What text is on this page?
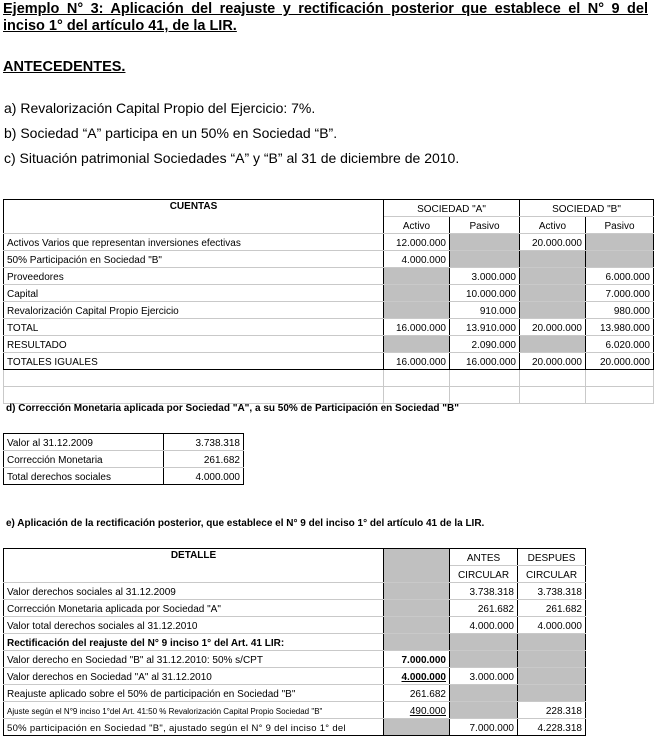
Ejemplo N° 3: Aplicación del reajuste y rectificación posterior que establece el N° 9 del
inciso 1° del artículo 41, de la LIR.
ANTECEDENTES.
a) Revalorización Capital Propio del Ejercicio: 7%.
b) Sociedad “A” participa en un 50% en Sociedad “B”.
c) Situación patrimonial Sociedades “A” y “B” al 31 de diciembre de 2010.
CUENTAS	SOCIEDAD "A"		SOCIEDAD "B"	
	Activo	Pasivo	Activo	Pasivo
Activos Varios que representan inversiones efectivas	12.000.000		20.000.000	
50% Participación en Sociedad "B"	4.000.000			
Proveedores		3.000.000		6.000.000
Capital		10.000.000		7.000.000
Revalorización Capital Propio Ejercicio		910.000		980.000
TOTAL	16.000.000	13.910.000	20.000.000	13.980.000
RESULTADO		2.090.000		6.020.000
TOTALES IGUALES	16.000.000	16.000.000	20.000.000	20.000.000

d) Corrección Monetaria aplicada por Sociedad "A", a su 50% de Participación en Sociedad "B"
Valor al 31.12.2009	3.738.318
Corrección Monetaria	261.682
Total derechos sociales	4.000.000
e) Aplicación de la rectificación posterior, que establece el N° 9 del inciso 1° del artículo 41 de la LIR.
DETALLE		ANTES	DESPUES
		CIRCULAR	CIRCULAR
Valor derechos sociales al 31.12.2009		3.738.318	3.738.318
Corrección Monetaria aplicada por Sociedad "A"		261.682	261.682
Valor total derechos sociales al 31.12.2010		4.000.000	4.000.000
Rectificación del reajuste del N° 9 inciso 1° del Art. 41 LIR:			
Valor derecho en Sociedad "B" al 31.12.2010: 50% s/CPT	7.000.000		
Valor derechos en Sociedad "A" al 31.12.2010	4.000.000	3.000.000	
Reajuste aplicado sobre el 50% de participación en Sociedad "B"	261.682		
Ajuste según el N°9 inciso 1°del Art. 41:50 % Revalorización Capital Propio Sociedad "B"	490.000		228.318
50% participación en Sociedad "B", ajustado según el N° 9 del inciso 1° del		7.000.000	4.228.318
